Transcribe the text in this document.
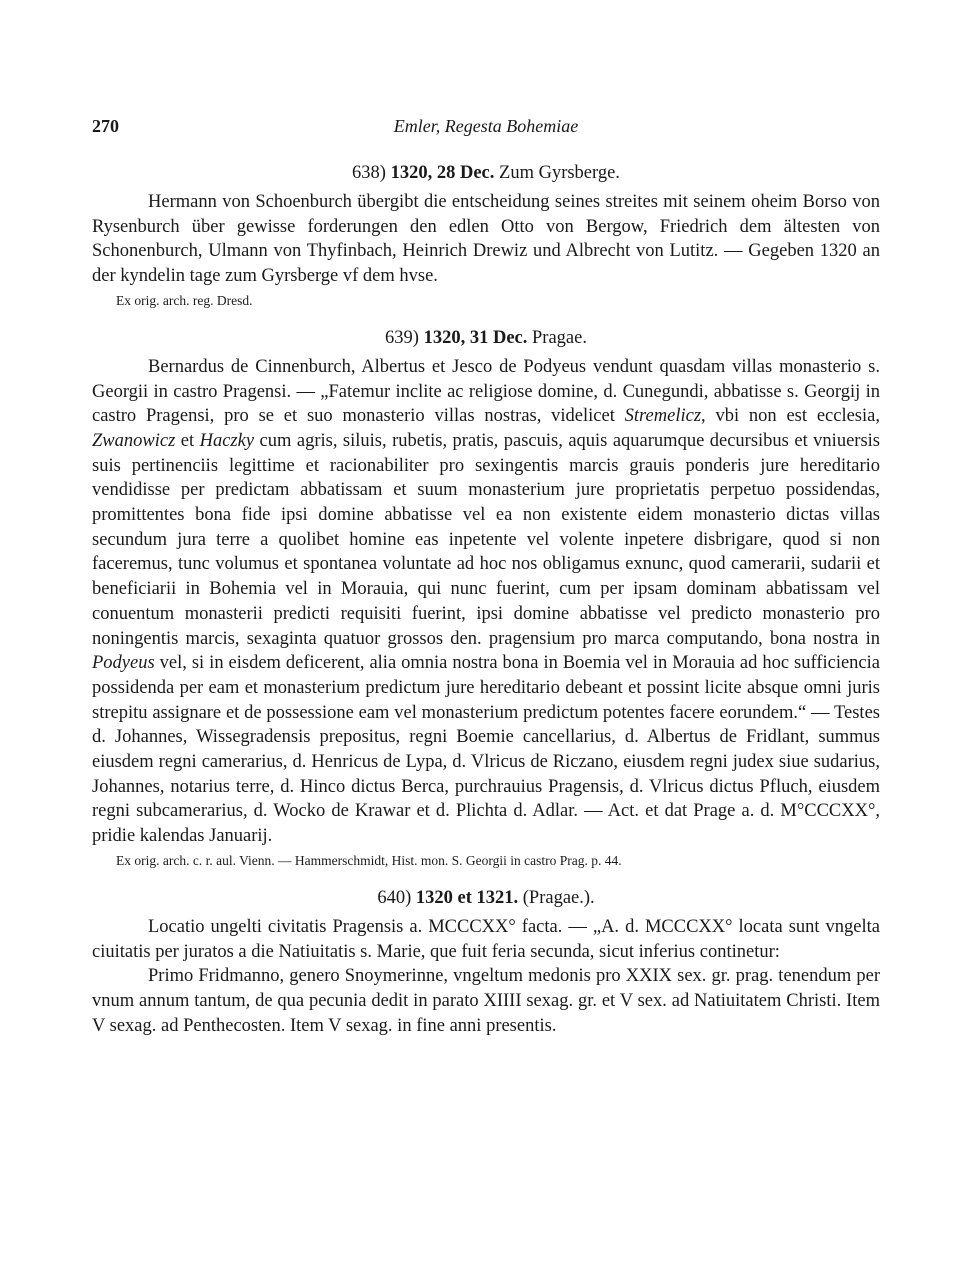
270	Emler, Regesta Bohemiae
638) 1320, 28 Dec. Zum Gyrsberge.

Hermann von Schoenburch übergibt die entscheidung seines streites mit seinem oheim Borso von Rysenburch über gewisse forderungen den edlen Otto von Bergow, Friedrich dem ältesten von Schonenburch, Ulmann von Thyfinbach, Heinrich Drewiz und Albrecht von Lutitz. — Gegeben 1320 an der kyndelin tage zum Gyrsberge vf dem hvse.

Ex orig. arch. reg. Dresd.
639) 1320, 31 Dec. Pragae.

Bernardus de Cinnenburch, Albertus et Jesco de Podyeus vendunt quasdam villas monasterio s. Georgii in castro Pragensi. — „Fatemur inclite ac religiose domine, d. Cunegundi, abbatisse s. Georgij in castro Pragensi, pro se et suo monasterio villas nostras, videlicet Stremelicz, vbi non est ecclesia, Zwanowicz et Haczky cum agris, siluis, rubetis, pratis, pascuis, aquis aquarumque decursibus et vniuersis suis pertinenciis legittime et racionabiliter pro sexingentis marcis grauis ponderis jure hereditario vendidisse per predictam abbatissam et suum monasterium jure proprietatis perpetuo possidendas, promittentes bona fide ipsi domine abbatisse vel ea non existente eidem monasterio dictas villas secundum jura terre a quolibet homine eas inpetente vel volente inpetere disbrigare, quod si non faceremus, tunc volumus et spontanea voluntate ad hoc nos obligamus exnunc, quod camerarii, sudarii et beneficiarii in Bohemia vel in Morauia, qui nunc fuerint, cum per ipsam dominam abbatissam vel conuentum monasterii predicti requisiti fuerint, ipsi domine abbatisse vel predicto monasterio pro noningentis marcis, sexaginta quatuor grossos den. pragensium pro marca computando, bona nostra in Podyeus vel, si in eisdem deficerent, alia omnia nostra bona in Boemia vel in Morauia ad hoc sufficiencia possidenda per eam et monasterium predictum jure hereditario debeant et possint licite absque omni juris strepitu assignare et de possessione eam vel monasterium predictum potentes facere eorundem.“ — Testes d. Johannes, Wissegradensis prepositus, regni Boemie cancellarius, d. Albertus de Fridlant, summus eiusdem regni camerarius, d. Henricus de Lypa, d. Vlricus de Riczano, eiusdem regni judex siue sudarius, Johannes, notarius terre, d. Hinco dictus Berca, purchrauius Pragensis, d. Vlricus dictus Pfluch, eiusdem regni subcamerarius, d. Wocko de Krawar et d. Plichta d. Adlar. — Act. et dat Prage a. d. M°CCCXX°, pridie kalendas Januarij.

Ex orig. arch. c. r. aul. Vienn. — Hammerschmidt, Hist. mon. S. Georgii in castro Prag. p. 44.
640) 1320 et 1321. (Pragae.).

Locatio ungelti civitatis Pragensis a. MCCCXX° facta. — „A. d. MCCCXX° locata sunt vngelta ciuitatis per juratos a die Natiuitatis s. Marie, que fuit feria secunda, sicut inferius continetur:

Primo Fridmanno, genero Snoymerinne, vngeltum medonis pro XXIX sex. gr. prag. tenendum per vnum annum tantum, de qua pecunia dedit in parato XIIII sexag. gr. et V sex. ad Natiuitatem Christi. Item V sexag. ad Penthecosten. Item V sexag. in fine anni presentis.
